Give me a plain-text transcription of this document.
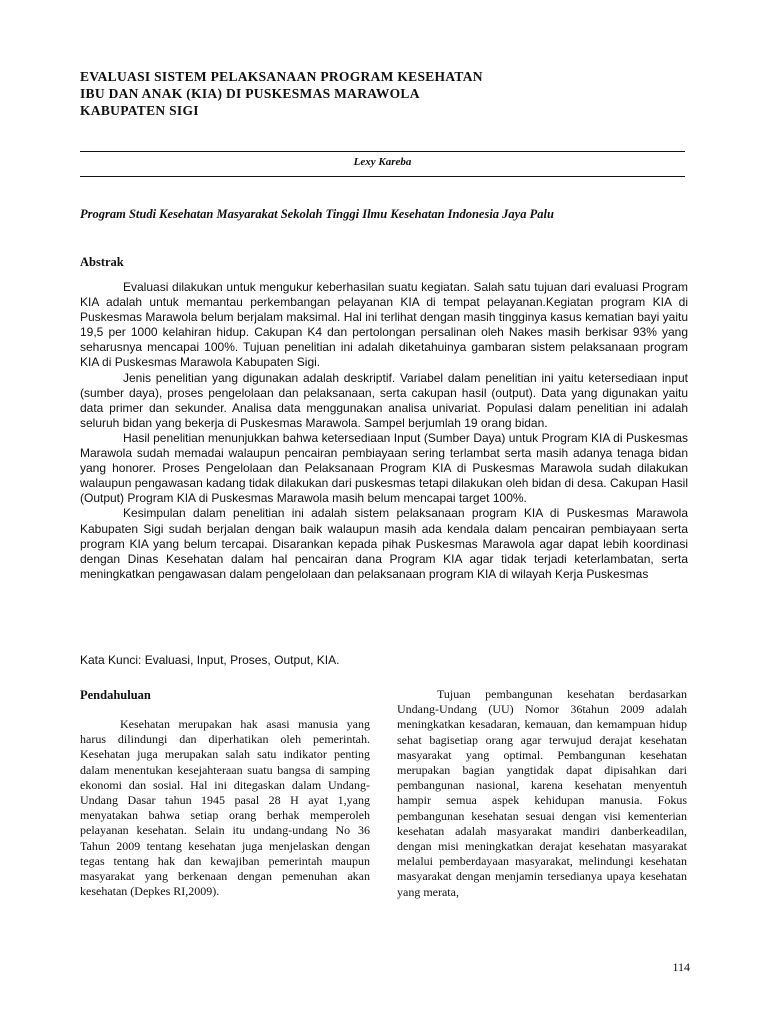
EVALUASI SISTEM PELAKSANAAN PROGRAM KESEHATAN
IBU DAN ANAK (KIA) DI PUSKESMAS MARAWOLA
KABUPATEN SIGI
Lexy Kareba
Program Studi Kesehatan Masyarakat Sekolah Tinggi Ilmu Kesehatan Indonesia Jaya Palu
Abstrak

Evaluasi dilakukan untuk mengukur keberhasilan suatu kegiatan. Salah satu tujuan dari evaluasi Program KIA adalah untuk memantau perkembangan pelayanan KIA di tempat pelayanan.Kegiatan program KIA di Puskesmas Marawola belum berjalam maksimal. Hal ini terlihat dengan masih tingginya kasus kematian bayi yaitu 19,5 per 1000 kelahiran hidup. Cakupan K4 dan pertolongan persalinan oleh Nakes masih berkisar 93% yang seharusnya mencapai 100%. Tujuan penelitian ini adalah diketahuinya gambaran sistem pelaksanaan program KIA di Puskesmas Marawola Kabupaten Sigi.

Jenis penelitian yang digunakan adalah deskriptif. Variabel dalam penelitian ini yaitu ketersediaan input (sumber daya), proses pengelolaan dan pelaksanaan, serta cakupan hasil (output). Data yang digunakan yaitu data primer dan sekunder. Analisa data menggunakan analisa univariat. Populasi dalam penelitian ini adalah seluruh bidan yang bekerja di Puskesmas Marawola. Sampel berjumlah 19 orang bidan.

Hasil penelitian menunjukkan bahwa ketersediaan Input (Sumber Daya) untuk Program KIA di Puskesmas Marawola sudah memadai walaupun pencairan pembiayaan sering terlambat serta masih adanya tenaga bidan yang honorer. Proses Pengelolaan dan Pelaksanaan Program KIA di Puskesmas Marawola sudah dilakukan walaupun pengawasan kadang tidak dilakukan dari puskesmas tetapi dilakukan oleh bidan di desa. Cakupan Hasil (Output) Program KIA di Puskesmas Marawola masih belum mencapai target 100%.

Kesimpulan dalam penelitian ini adalah sistem pelaksanaan program KIA di Puskesmas Marawola Kabupaten Sigi sudah berjalan dengan baik walaupun masih ada kendala dalam pencairan pembiayaan serta program KIA yang belum tercapai. Disarankan kepada pihak Puskesmas Marawola agar dapat lebih koordinasi dengan Dinas Kesehatan dalam hal pencairan dana Program KIA agar tidak terjadi keterlambatan, serta meningkatkan pengawasan dalam pengelolaan dan pelaksanaan program KIA di wilayah Kerja Puskesmas

Kata Kunci: Evaluasi, Input, Proses, Output, KIA.
Pendahuluan

Kesehatan merupakan hak asasi manusia yang harus dilindungi dan diperhatikan oleh pemerintah. Kesehatan juga merupakan salah satu indikator penting dalam menentukan kesejahteraan suatu bangsa di samping ekonomi dan sosial. Hal ini ditegaskan dalam Undang-Undang Dasar tahun 1945 pasal 28 H ayat 1,yang menyatakan bahwa setiap orang berhak memperoleh pelayanan kesehatan. Selain itu undang-undang No 36 Tahun 2009 tentang kesehatan juga menjelaskan dengan tegas tentang hak dan kewajiban pemerintah maupun masyarakat yang berkenaan dengan pemenuhan akan kesehatan (Depkes RI,2009).

Tujuan pembangunan kesehatan berdasarkan Undang-Undang (UU) Nomor 36tahun 2009 adalah meningkatkan kesadaran, kemauan, dan kemampuan hidup sehat bagisetiap orang agar terwujud derajat kesehatan masyarakat yang optimal. Pembangunan kesehatan merupakan bagian yangtidak dapat dipisahkan dari pembangunan nasional, karena kesehatan menyentuh hampir semua aspek kehidupan manusia. Fokus pembangunan kesehatan sesuai dengan visi kementerian kesehatan adalah masyarakat mandiri danberkeadilan, dengan misi meningkatkan derajat kesehatan masyarakat melalui pemberdayaan masyarakat, melindungi kesehatan masyarakat dengan menjamin tersedianya upaya kesehatan yang merata,

114
